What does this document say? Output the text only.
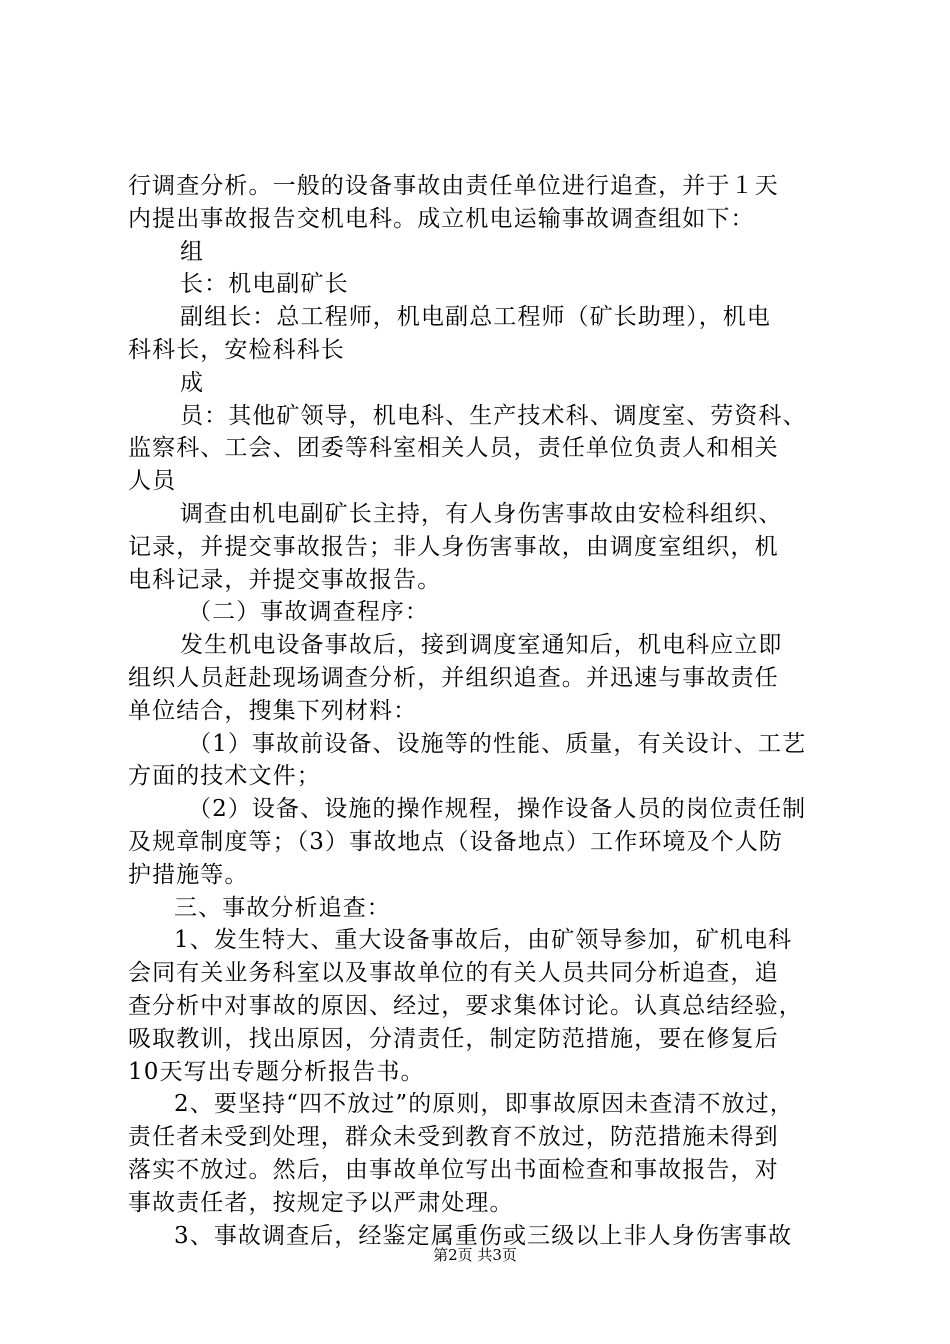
行调查分析。一般的设备事故由责任单位进行追查，并于１天

内提出事故报告交机电科。成立机电运输事故调查组如下：

组

长：机电副矿长

副组长：总工程师，机电副总工程师（矿长助理），机电

科科长，安检科科长

成

员：其他矿领导，机电科、生产技术科、调度室、劳资科、

监察科、工会、团委等科室相关人员，责任单位负责人和相关

人员

调查由机电副矿长主持，有人身伤害事故由安检科组织、

记录，并提交事故报告；非人身伤害事故，由调度室组织，机

电科记录，并提交事故报告。

（二）事故调查程序：

发生机电设备事故后，接到调度室通知后，机电科应立即

组织人员赶赴现场调查分析，并组织追查。并迅速与事故责任

单位结合，搜集下列材料：

（1）事故前设备、设施等的性能、质量，有关设计、工艺

方面的技术文件；

（2）设备、设施的操作规程，操作设备人员的岗位责任制

及规章制度等；（3）事故地点（设备地点）工作环境及个人防

护措施等。

三、事故分析追查：

1、发生特大、重大设备事故后，由矿领导参加，矿机电科

会同有关业务科室以及事故单位的有关人员共同分析追查，追

查分析中对事故的原因、经过，要求集体讨论。认真总结经验，

吸取教训，找出原因，分清责任，制定防范措施，要在修复后

10天写出专题分析报告书。

2、要坚持“四不放过”的原则，即事故原因未查清不放过，

责任者未受到处理，群众未受到教育不放过，防范措施未得到

落实不放过。然后，由事故单位写出书面检查和事故报告，对

事故责任者，按规定予以严肃处理。

3、事故调查后，经鉴定属重伤或三级以上非人身伤害事故

第2页 共3页
